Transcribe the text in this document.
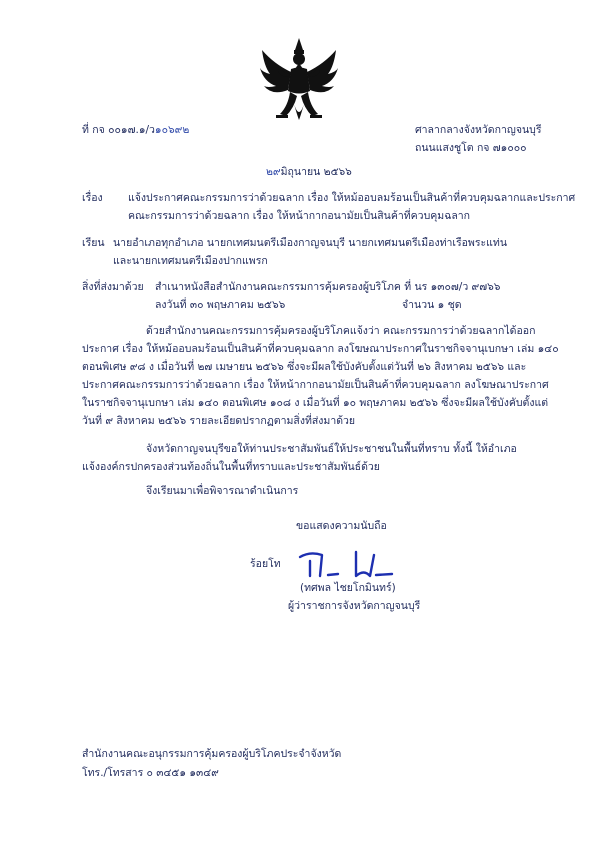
ที่ กจ ๐๐๑๗.๑/ว๑๐๖๙๒	ศาลากลางจังหวัดกาญจนบุรี
ถนนแสงชูโต กจ ๗๑๐๐๐
๒๙มิถุนายน ๒๕๖๖
เรื่อง แจ้งประกาศคณะกรรมการว่าด้วยฉลาก เรื่อง ให้หม้ออบลมร้อนเป็นสินค้าที่ควบคุมฉลากและประกาศ
คณะกรรมการว่าด้วยฉลาก เรื่อง ให้หน้ากากอนามัยเป็นสินค้าที่ควบคุมฉลาก
เรียน นายอำเภอทุกอำเภอ นายกเทศมนตรีเมืองกาญจนบุรี นายกเทศมนตรีเมืองท่าเรือพระแท่น
และนายกเทศมนตรีเมืองปากแพรก
สิ่งที่ส่งมาด้วย สำเนาหนังสือสำนักงานคณะกรรมการคุ้มครองผู้บริโภค ที่ นร ๑๓๐๗/ว ๙๗๖๖
ลงวันที่ ๓๐ พฤษภาคม ๒๕๖๖	จำนวน ๑ ชุด
ด้วยสำนักงานคณะกรรมการคุ้มครองผู้บริโภคแจ้งว่า คณะกรรมการว่าด้วยฉลากได้ออก
ประกาศ เรื่อง ให้หม้ออบลมร้อนเป็นสินค้าที่ควบคุมฉลาก ลงโฆษณาประกาศในราชกิจจานุเบกษา เล่ม ๑๔๐
ตอนพิเศษ ๙๘ ง เมื่อวันที่ ๒๗ เมษายน ๒๕๖๖ ซึ่งจะมีผลใช้บังคับตั้งแต่วันที่ ๒๖ สิงหาคม ๒๕๖๖ และ
ประกาศคณะกรรมการว่าด้วยฉลาก เรื่อง ให้หน้ากากอนามัยเป็นสินค้าที่ควบคุมฉลาก ลงโฆษณาประกาศ
ในราชกิจจานุเบกษา เล่ม ๑๔๐ ตอนพิเศษ ๑๐๘ ง เมื่อวันที่ ๑๐ พฤษภาคม ๒๕๖๖ ซึ่งจะมีผลใช้บังคับตั้งแต่
วันที่ ๙ สิงหาคม ๒๕๖๖ รายละเอียดปรากฏตามสิ่งที่ส่งมาด้วย
จังหวัดกาญจนบุรีขอให้ท่านประชาสัมพันธ์ให้ประชาชนในพื้นที่ทราบ ทั้งนี้ ให้อำเภอ
แจ้งองค์กรปกครองส่วนท้องถิ่นในพื้นที่ทราบและประชาสัมพันธ์ด้วย
จึงเรียนมาเพื่อพิจารณาดำเนินการ
ขอแสดงความนับถือ
ร้อยโท
(ทศพล ไชยโกมินทร์)
ผู้ว่าราชการจังหวัดกาญจนบุรี
สำนักงานคณะอนุกรรมการคุ้มครองผู้บริโภคประจำจังหวัด
โทร./โทรสาร ๐ ๓๔๕๑ ๑๓๔๙
